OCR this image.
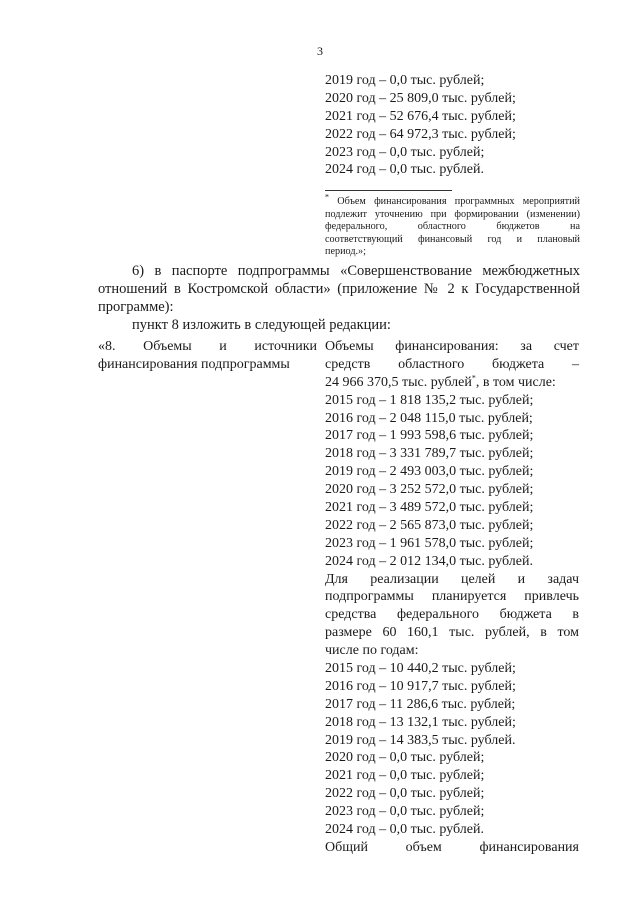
3
2019 год – 0,0 тыс. рублей;
2020 год – 25 809,0 тыс. рублей;
2021 год – 52 676,4 тыс. рублей;
2022 год – 64 972,3 тыс. рублей;
2023 год – 0,0 тыс. рублей;
2024 год – 0,0 тыс. рублей.
* Объем финансирования программных мероприятий
подлежит уточнению при формировании (изменении)
федерального, областного бюджетов на
соответствующий финансовый год и плановый
период.»;
6) в паспорте подпрограммы «Совершенствование межбюджетных
отношений в Костромской области» (приложение № 2 к Государственной
программе):
пункт 8 изложить в следующей редакции:
«8. Объемы и источники
финансирования подпрограммы
Объемы финансирования: за счет
средств областного бюджета –
24 966 370,5 тыс. рублей*, в том числе:
2015 год – 1 818 135,2 тыс. рублей;
2016 год – 2 048 115,0 тыс. рублей;
2017 год – 1 993 598,6 тыс. рублей;
2018 год – 3 331 789,7 тыс. рублей;
2019 год – 2 493 003,0 тыс. рублей;
2020 год – 3 252 572,0 тыс. рублей;
2021 год – 3 489 572,0 тыс. рублей;
2022 год – 2 565 873,0 тыс. рублей;
2023 год – 1 961 578,0 тыс. рублей;
2024 год – 2 012 134,0 тыс. рублей.
Для реализации целей и задач
подпрограммы планируется привлечь
средства федерального бюджета в
размере 60 160,1 тыс. рублей, в том
числе по годам:
2015 год – 10 440,2 тыс. рублей;
2016 год – 10 917,7 тыс. рублей;
2017 год – 11 286,6 тыс. рублей;
2018 год – 13 132,1 тыс. рублей;
2019 год – 14 383,5 тыс. рублей.
2020 год – 0,0 тыс. рублей;
2021 год – 0,0 тыс. рублей;
2022 год – 0,0 тыс. рублей;
2023 год – 0,0 тыс. рублей;
2024 год – 0,0 тыс. рублей.
Общий объем финансирования
